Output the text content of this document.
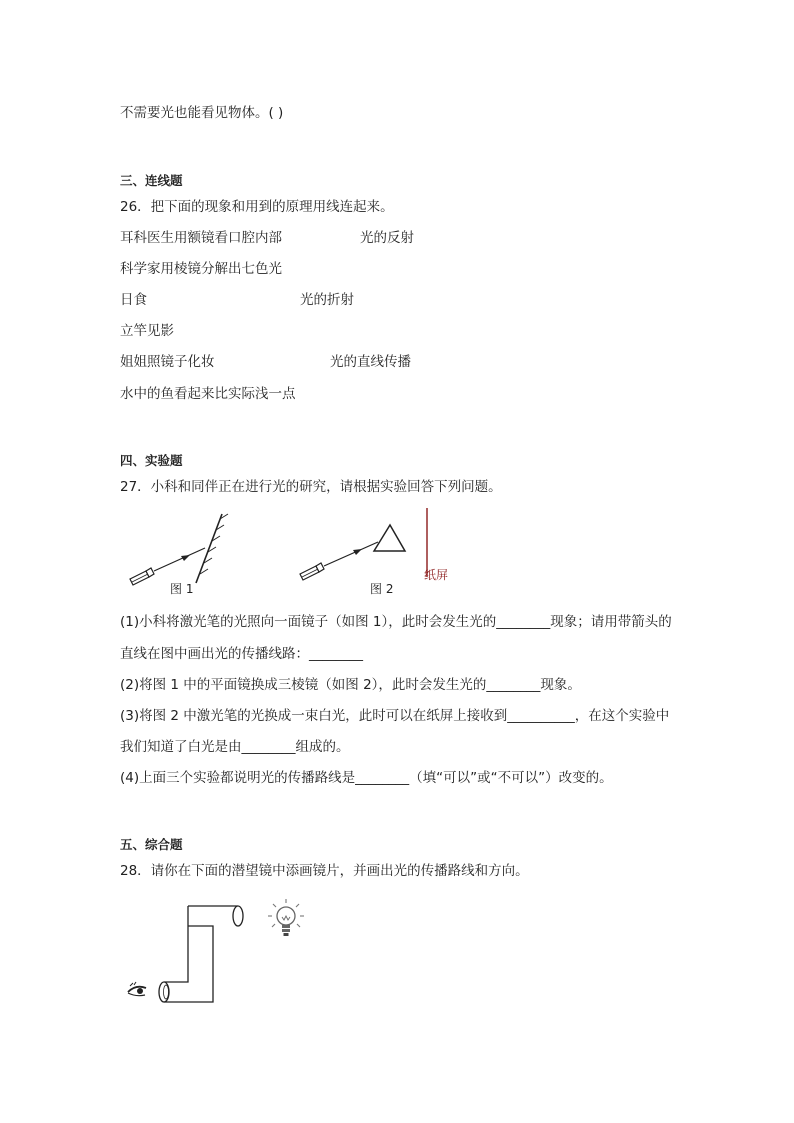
不需要光也能看见物体。( )
三、连线题
26．把下面的现象和用到的原理用线连起来。
耳科医生用额镜看口腔内部	光的反射
科学家用棱镜分解出七色光
日食	光的折射
立竿见影
姐姐照镜子化妆	光的直线传播
水中的鱼看起来比实际浅一点
四、实验题
27．小科和同伴正在进行光的研究，请根据实验回答下列问题。
图 1	图 2
纸屏
(1)小科将激光笔的光照向一面镜子（如图 1），此时会发生光的________现象；请用带箭头的
直线在图中画出光的传播线路：________
(2)将图 1 中的平面镜换成三棱镜（如图 2），此时会发生光的________现象。
(3)将图 2 中激光笔的光换成一束白光，此时可以在纸屏上接收到__________，在这个实验中
我们知道了白光是由________组成的。
(4)上面三个实验都说明光的传播路线是________（填“可以”或“不可以”）改变的。
五、综合题
28．请你在下面的潜望镜中添画镜片，并画出光的传播路线和方向。
